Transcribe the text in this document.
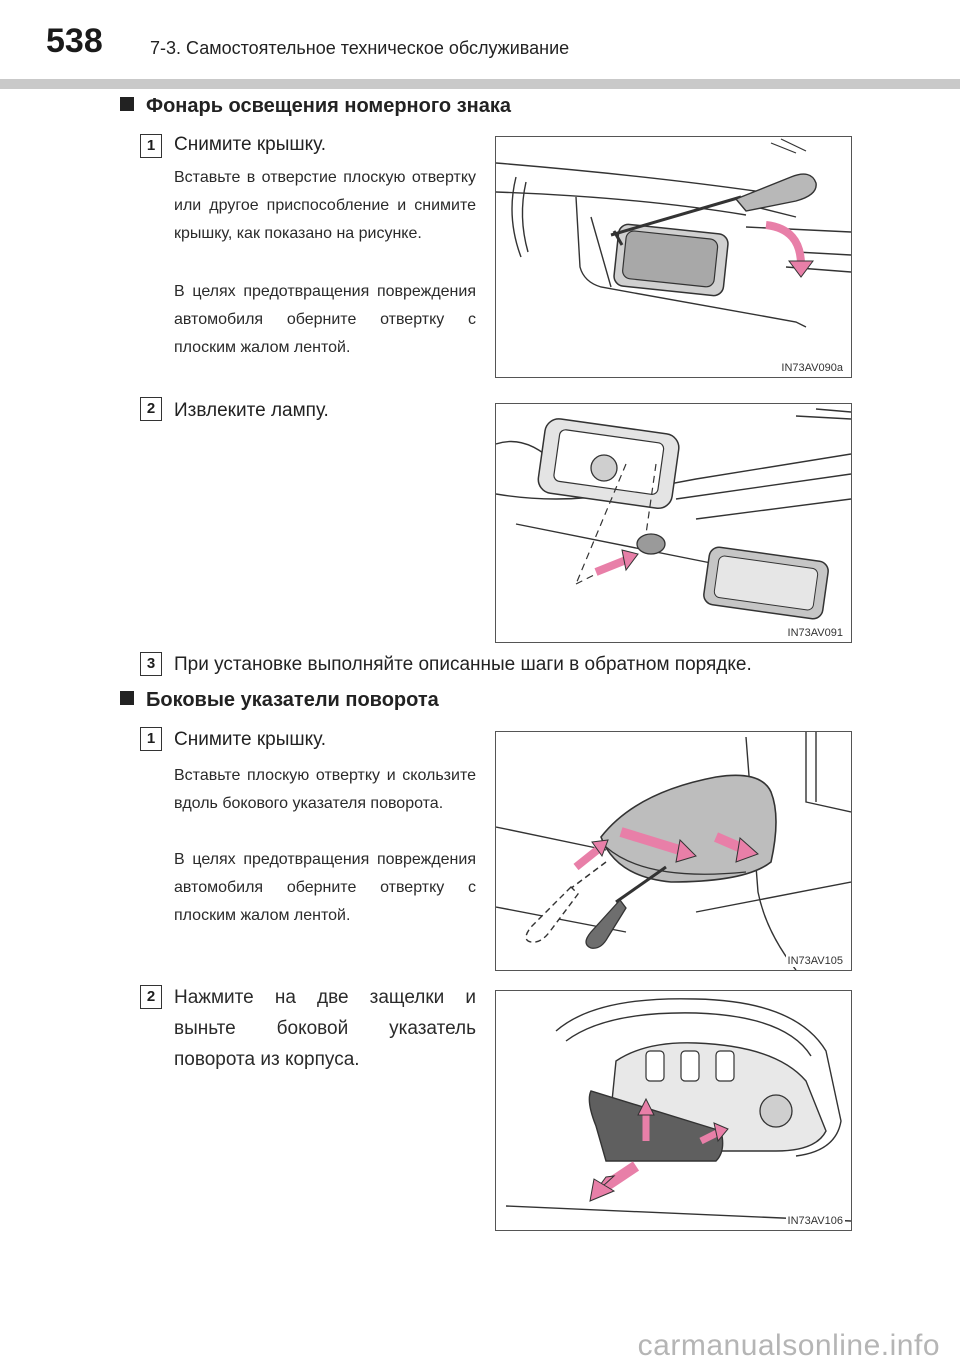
538	7-3. Самостоятельное техническое обслуживание
Фонарь освещения номерного знака
1 Снимите крышку.
Вставьте в отверстие плоскую отвертку или другое приспособление и снимите крышку, как показано на рисунке.
В целях предотвращения повреждения автомобиля оберните отвертку с плоским жалом лентой.
IN73AV090a
2 Извлеките лампу.
IN73AV091
3 При установке выполняйте описанные шаги в обратном порядке.
Боковые указатели поворота
1 Снимите крышку.
Вставьте плоскую отвертку и скользите вдоль бокового указателя поворота.
В целях предотвращения повреждения автомобиля оберните отвертку с плоским жалом лентой.
IN73AV105
2 Нажмите на две защелки и выньте боковой указатель поворота из корпуса.
IN73AV106
carmanualsonline.info
